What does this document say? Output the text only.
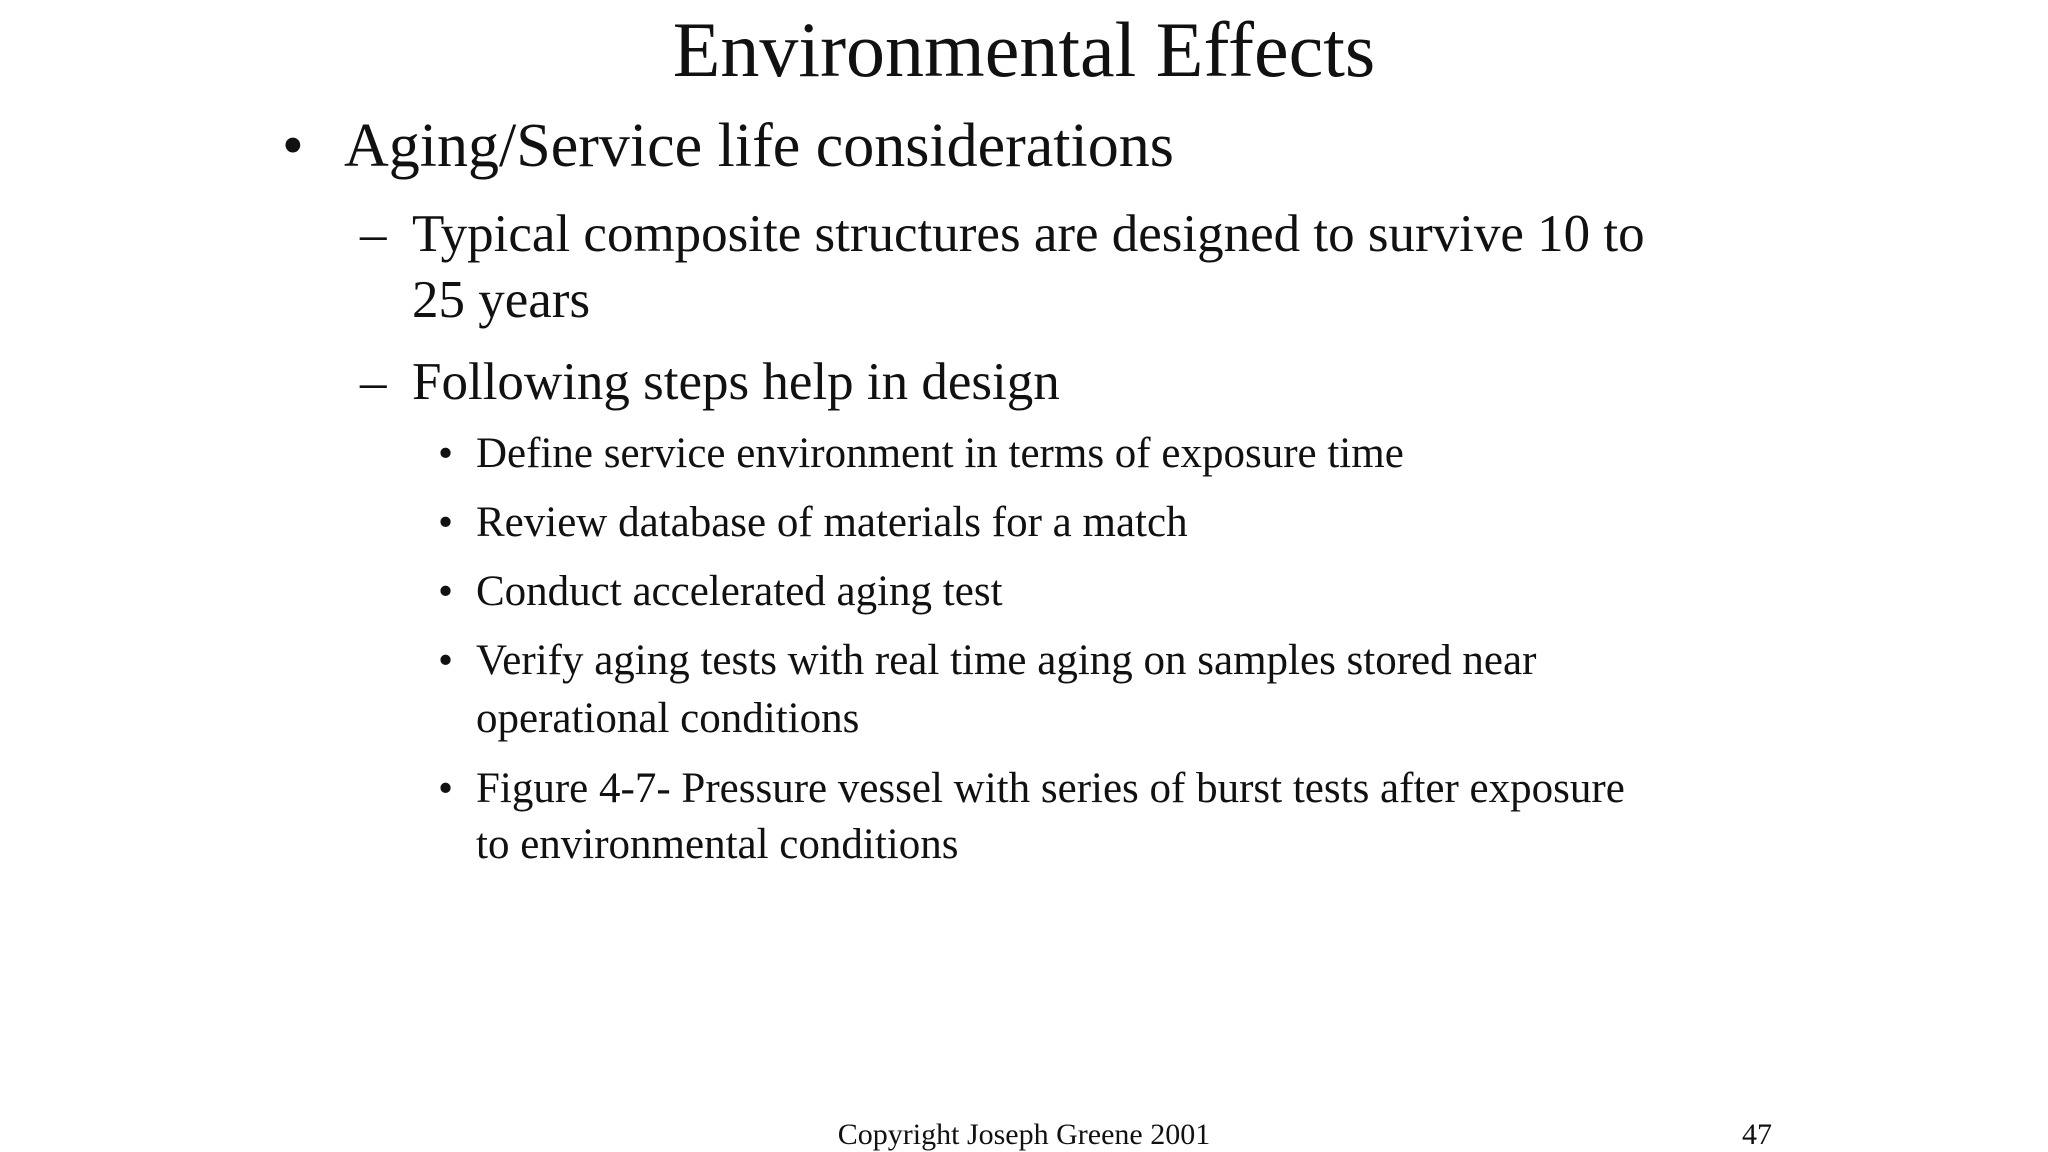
Environmental Effects
• Aging/Service life considerations
– Typical composite structures are designed to survive 10 to
25 years
– Following steps help in design
• Define service environment in terms of exposure time
• Review database of materials for a match
• Conduct accelerated aging test
• Verify aging tests with real time aging on samples stored near
operational conditions
• Figure 4-7- Pressure vessel with series of burst tests after exposure
to environmental conditions
Copyright Joseph Greene 2001	47
